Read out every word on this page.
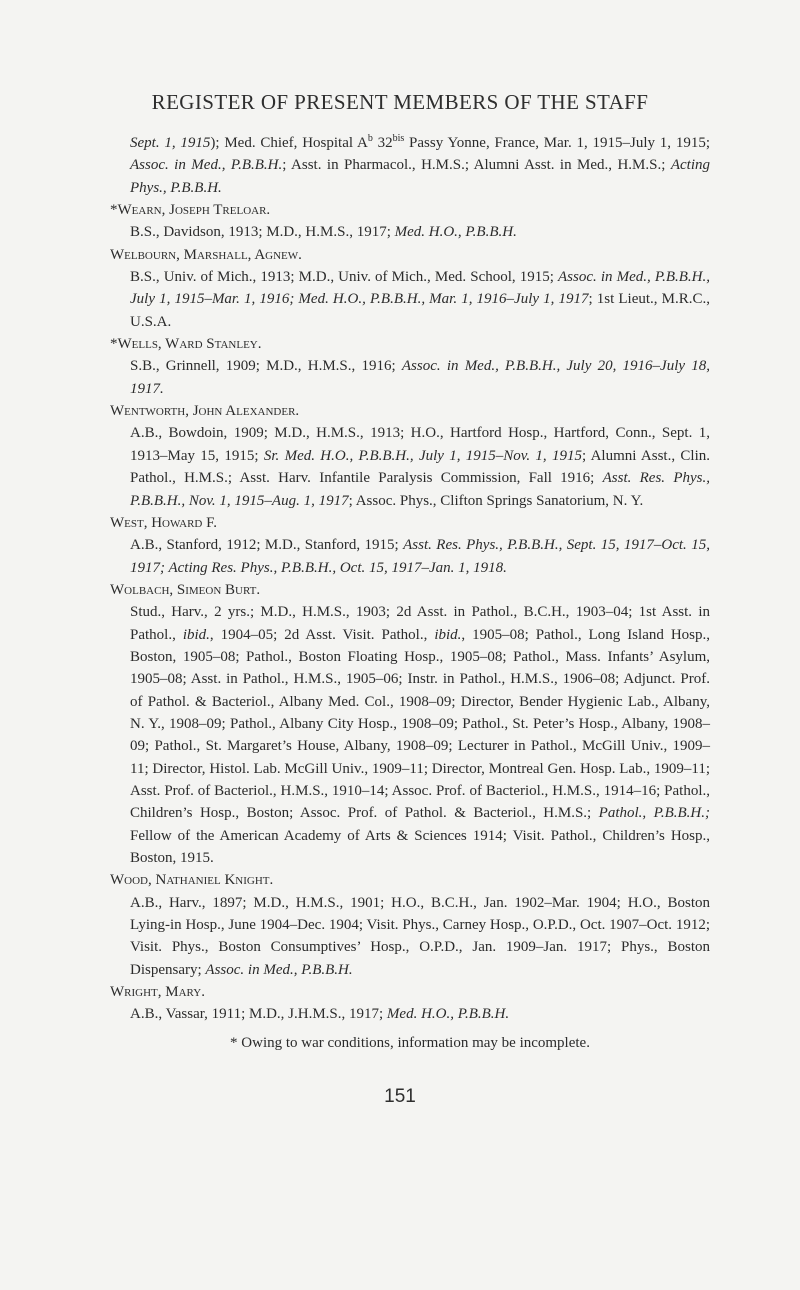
REGISTER OF PRESENT MEMBERS OF THE STAFF
Sept. 1, 1915); Med. Chief, Hospital $A^b$ $32^{bis}$ Passy Yonne, France, Mar. 1, 1915–July 1, 1915; Assoc. in Med., P.B.B.H.; Asst. in Pharmacol., H.M.S.; Alumni Asst. in Med., H.M.S.; Acting Phys., P.B.B.H.
*Wearn, Joseph Treloar.
B.S., Davidson, 1913; M.D., H.M.S., 1917; Med. H.O., P.B.B.H.
Welbourn, Marshall, Agnew.
B.S., Univ. of Mich., 1913; M.D., Univ. of Mich., Med. School, 1915; Assoc. in Med., P.B.B.H., July 1, 1915–Mar. 1, 1916; Med. H.O., P.B.B.H., Mar. 1, 1916–July 1, 1917; 1st Lieut., M.R.C., U.S.A.
*Wells, Ward Stanley.
S.B., Grinnell, 1909; M.D., H.M.S., 1916; Assoc. in Med., P.B.B.H., July 20, 1916–July 18, 1917.
Wentworth, John Alexander.
A.B., Bowdoin, 1909; M.D., H.M.S., 1913; H.O., Hartford Hosp., Hartford, Conn., Sept. 1, 1913–May 15, 1915; Sr. Med. H.O., P.B.B.H., July 1, 1915–Nov. 1, 1915; Alumni Asst., Clin. Pathol., H.M.S.; Asst. Harv. Infantile Paralysis Commission, Fall 1916; Asst. Res. Phys., P.B.B.H., Nov. 1, 1915–Aug. 1, 1917; Assoc. Phys., Clifton Springs Sanatorium, N. Y.
West, Howard F.
A.B., Stanford, 1912; M.D., Stanford, 1915; Asst. Res. Phys., P.B.B.H., Sept. 15, 1917–Oct. 15, 1917; Acting Res. Phys., P.B.B.H., Oct. 15, 1917–Jan. 1, 1918.
Wolbach, Simeon Burt.
Stud., Harv., 2 yrs.; M.D., H.M.S., 1903; 2d Asst. in Pathol., B.C.H., 1903–04; 1st Asst. in Pathol., ibid., 1904–05; 2d Asst. Visit. Pathol., ibid., 1905–08; Pathol., Long Island Hosp., Boston, 1905–08; Pathol., Boston Floating Hosp., 1905–08; Pathol., Mass. Infants’ Asylum, 1905–08; Asst. in Pathol., H.M.S., 1905–06; Instr. in Pathol., H.M.S., 1906–08; Adjunct. Prof. of Pathol. & Bacteriol., Albany Med. Col., 1908–09; Director, Bender Hygienic Lab., Albany, N. Y., 1908–09; Pathol., Albany City Hosp., 1908–09; Pathol., St. Peter’s Hosp., Albany, 1908–09; Pathol., St. Margaret’s House, Albany, 1908–09; Lecturer in Pathol., McGill Univ., 1909–11; Director, Histol. Lab. McGill Univ., 1909–11; Director, Montreal Gen. Hosp. Lab., 1909–11; Asst. Prof. of Bacteriol., H.M.S., 1910–14; Assoc. Prof. of Bacteriol., H.M.S., 1914–16; Pathol., Children’s Hosp., Boston; Assoc. Prof. of Pathol. & Bacteriol., H.M.S.; Pathol., P.B.B.H.; Fellow of the American Academy of Arts & Sciences 1914; Visit. Pathol., Children’s Hosp., Boston, 1915.
Wood, Nathaniel Knight.
A.B., Harv., 1897; M.D., H.M.S., 1901; H.O., B.C.H., Jan. 1902–Mar. 1904; H.O., Boston Lying-in Hosp., June 1904–Dec. 1904; Visit. Phys., Carney Hosp., O.P.D., Oct. 1907–Oct. 1912; Visit. Phys., Boston Consumptives’ Hosp., O.P.D., Jan. 1909–Jan. 1917; Phys., Boston Dispensary; Assoc. in Med., P.B.B.H.
Wright, Mary.
A.B., Vassar, 1911; M.D., J.H.M.S., 1917; Med. H.O., P.B.B.H.
* Owing to war conditions, information may be incomplete.
151
